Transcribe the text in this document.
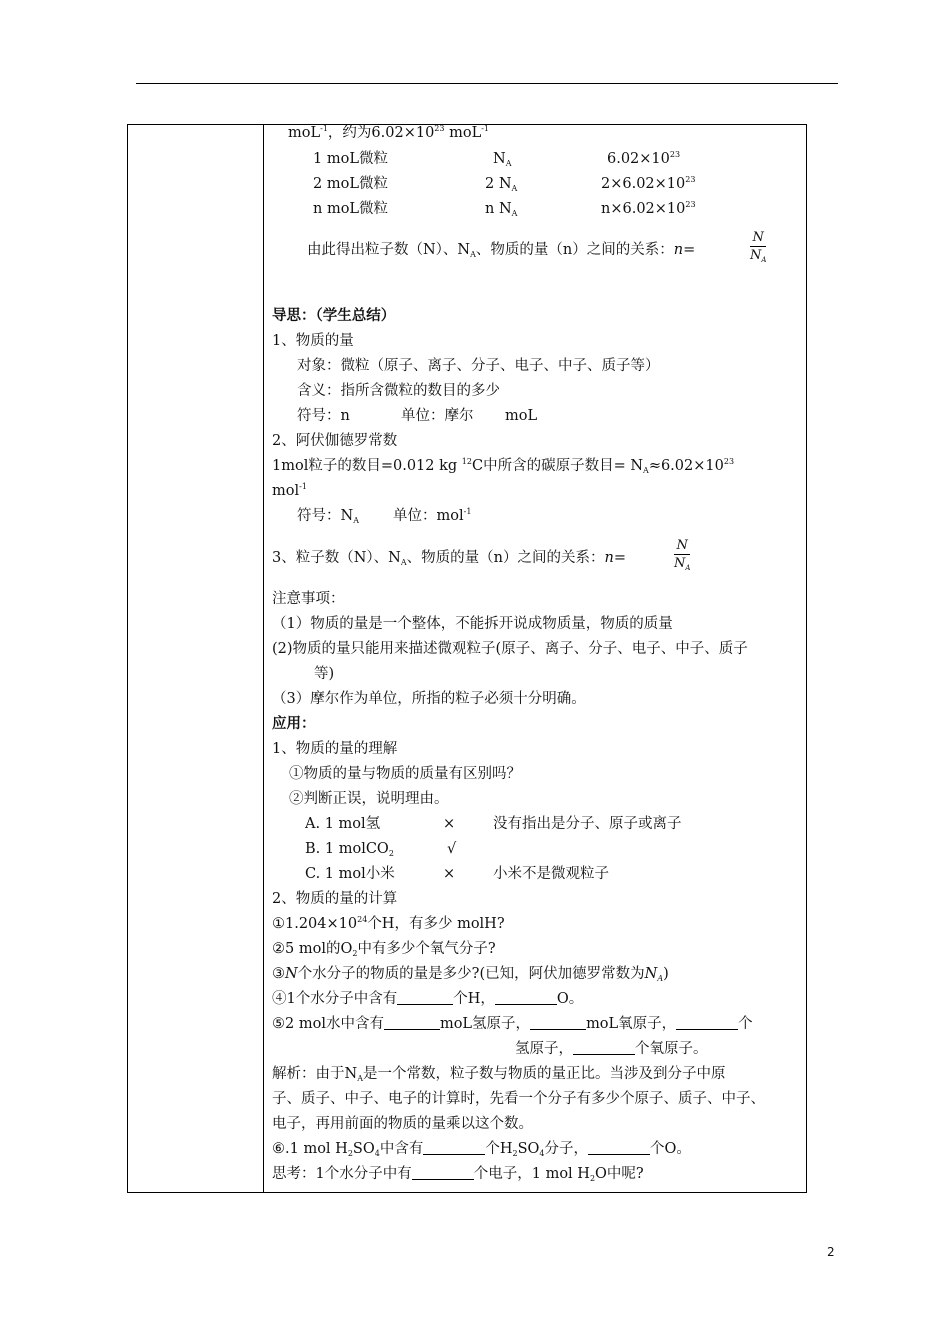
moL$^{-1}$，约为$6.02\times 10^{23}$ moL$^{-1}$
1 moL微粒	$N_A$	$6.02\times 10^{23}$
2 moL微粒	2 $N_A$	$2\times 6.02\times 10^{23}$
n moL微粒	n $N_A$	$n\times 6.02\times 10^{23}$
由此得出粒子数（N）、$N_A$、物质的量（n）之间的关系：n=	$\frac{N}{N_A}$
导思：（学生总结）
1、物质的量
对象：微粒（原子、离子、分子、电子、中子、质子等）
含义：指所含微粒的数目的多少
符号：n	单位：摩尔 moL
2、阿伏伽德罗常数
1mol粒子的数目=0.012 kg $^{12}$C中所含的碳原子数目= $N_A\approx 6.02\times 10^{23}$
mol$^{-1}$
符号：$N_A$ 单位：mol$^{-1}$
3、粒子数（N）、$N_A$、物质的量（n）之间的关系：n=	$\frac{N}{N_A}$
注意事项：
（1）物质的量是一个整体，不能拆开说成物质量，物质的质量
(2)物质的量只能用来描述微观粒子(原子、离子、分子、电子、中子、质子
等)
（3）摩尔作为单位，所指的粒子必须十分明确。
应用：
1、物质的量的理解
①物质的量与物质的质量有区别吗？
②判断正误，说明理由。
A. 1 mol氢	×	没有指出是分子、原子或离子
B. 1 molCO$_2$	√
C. 1 mol小米	×	小米不是微观粒子
2、物质的量的计算
$①1.204\times 10^{24}$个H，有多少 molH?
②5 mol的$O_2$中有多少个氧气分子?
③N个水分子的物质的量是多少?(已知，阿伏加德罗常数为$N_A$)
④1个水分子中含有	个H，	O。
⑤2 mol水中含有	moL氢原子，	moL氧原子，	个
氢原子，	个氧原子。
解析：由于$N_A$是一个常数，粒子数与物质的量正比。当涉及到分子中原
子、质子、中子、电子的计算时，先看一个分子有多少个原子、质子、中子、
电子，再用前面的物质的量乘以这个数。
⑥.1 mol $H_2SO_4$中含有	个$H_2SO_4$分子，	个O。
思考：1个水分子中有	个电子，1 mol $H_2O$中呢?
2
